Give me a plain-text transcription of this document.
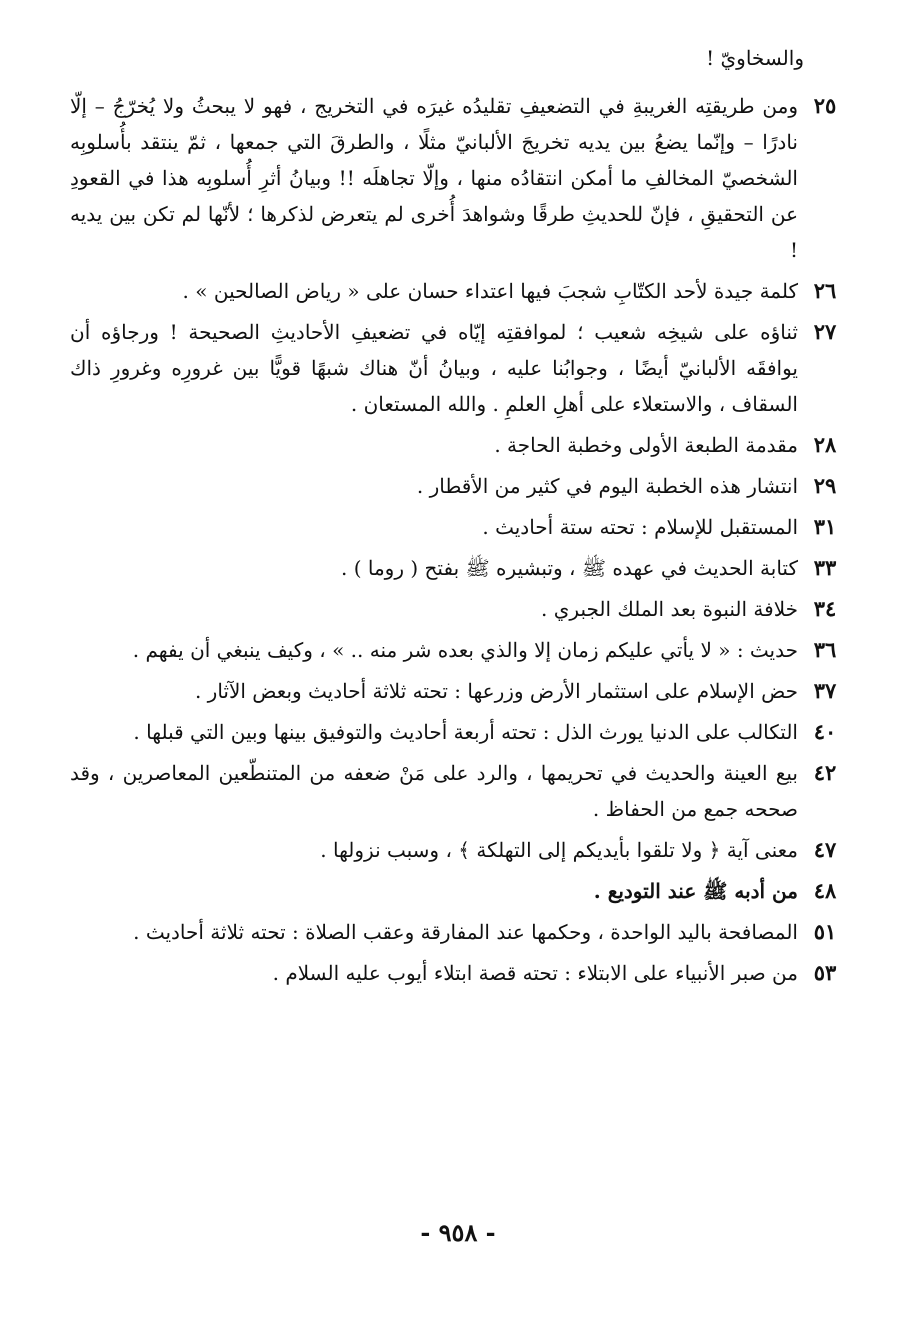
والسخاويّ !
٢٥
ومن طريقتِه الغريبةِ في التضعيفِ تقليدُه غيرَه في التخريج ، فهو لا يبحثُ ولا يُخرّجُ – إلّا نادرًا – وإنّما يضعُ بين يديه تخريجَ الألبانيّ مثلًا ، والطرقَ التي جمعها ، ثمّ ينتقد بأُسلوبِه الشخصيّ المخالفِ ما أمكن انتقادُه منها ، وإلّا تجاهلَه !! وبيانُ أثرِ أُسلوبِه هذا في القعودِ عن التحقيقِ ، فإنّ للحديثِ طرقًا وشواهدَ أُخرى لم يتعرض لذكرها ؛ لأنّها لم تكن بين يديه !
٢٦
كلمة جيدة لأحد الكتّابِ شجبَ فيها اعتداء حسان على « رياض الصالحين » .
٢٧
ثناؤه على شيخِه شعيب ؛ لموافقتِه إيّاه في تضعيفِ الأحاديثِ الصحيحة ! ورجاؤه أن يوافقَه الألبانيّ أيضًا ، وجوابُنا عليه ، وبيانُ أنّ هناك شبهًا قويًّا بين غرورِه وغرورِ ذاك السقاف ، والاستعلاء على أهلِ العلمِ . والله المستعان .
٢٨
مقدمة الطبعة الأولى وخطبة الحاجة .
٢٩
انتشار هذه الخطبة اليوم في كثير من الأقطار .
٣١
المستقبل للإسلام : تحته ستة أحاديث .
٣٣
كتابة الحديث في عهده ﷺ ، وتبشيره ﷺ بفتح ( روما ) .
٣٤
خلافة النبوة بعد الملك الجبري .
٣٦
حديث : « لا يأتي عليكم زمان إلا والذي بعده شر منه .. » ، وكيف ينبغي أن يفهم .
٣٧
حض الإسلام على استثمار الأرض وزرعها : تحته ثلاثة أحاديث وبعض الآثار .
٤٠
التكالب على الدنيا يورث الذل : تحته أربعة أحاديث والتوفيق بينها وبين التي قبلها .
٤٢
بيع العينة والحديث في تحريمها ، والرد على مَنْ ضعفه من المتنطّعين المعاصرين ، وقد صححه جمع من الحفاظ .
٤٧
معنى آية ﴿ ولا تلقوا بأيديكم إلى التهلكة ﴾ ، وسبب نزولها .
٤٨
من أدبه ﷺ عند التوديع .
٥١
المصافحة باليد الواحدة ، وحكمها عند المفارقة وعقب الصلاة : تحته ثلاثة أحاديث .
٥٣
من صبر الأنبياء على الابتلاء : تحته قصة ابتلاء أيوب عليه السلام .
- ٩٥٨ -
